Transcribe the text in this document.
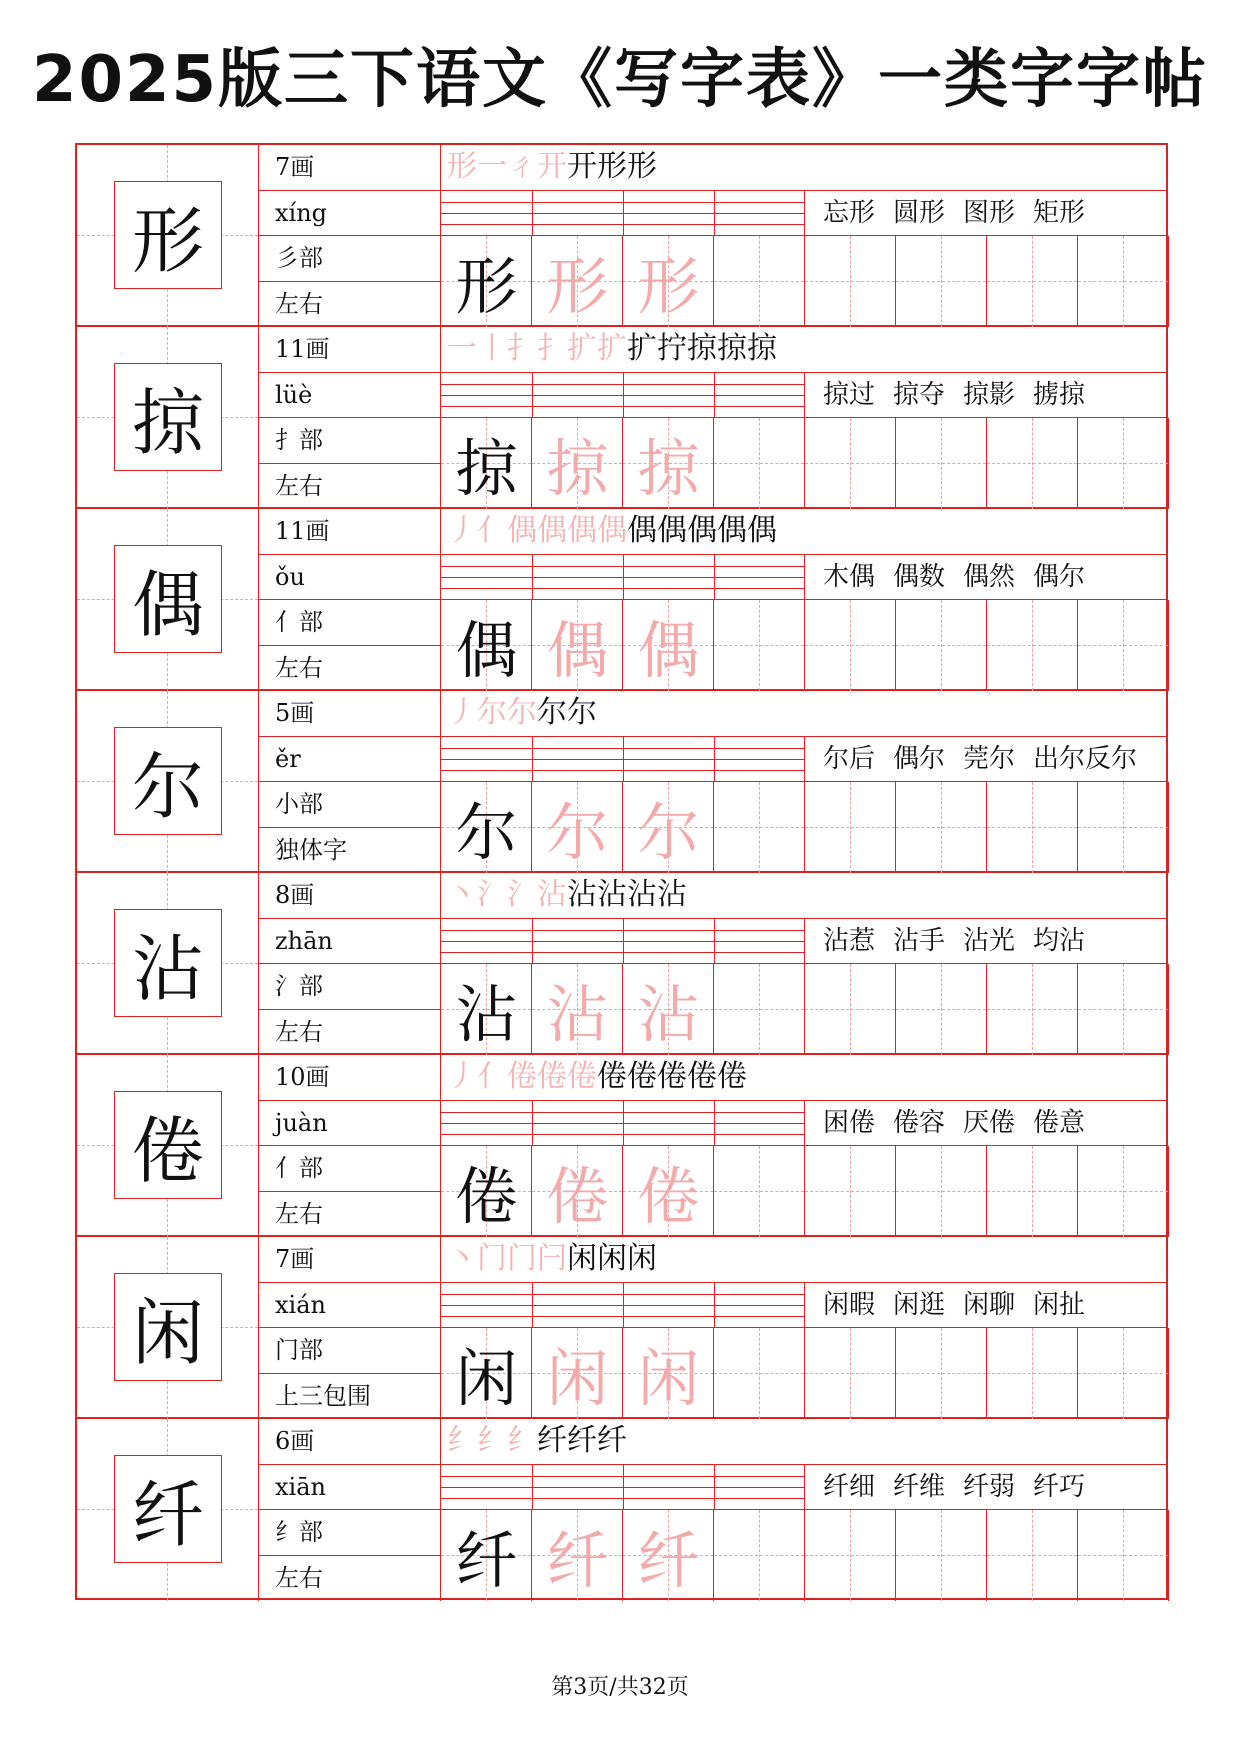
2025版三下语文《写字表》一类字字帖
形
7画
xíng
彡部
左右
形一ㄔ开开形形
忘形 圆形 图形 矩形
形 形 形
掠
11画
lüè
扌部
左右
一丨扌扌扩扩扩拧掠掠掠
掠过 掠夺 掠影 掳掠
掠 掠 掠
偶
11画
ǒu
亻部
左右
丿亻偶偶偶偶偶偶偶偶偶
木偶 偶数 偶然 偶尔
偶 偶 偶
尔
5画
ěr
小部
独体字
丿尔尔尔尔
尔后 偶尔 莞尔 出尔反尔
尔 尔 尔
沾
8画
zhān
氵部
左右
丶氵氵沾沾沾沾沾
沾惹 沾手 沾光 均沾
沾 沾 沾
倦
10画
juàn
亻部
左右
丿亻倦倦倦倦倦倦倦倦
困倦 倦容 厌倦 倦意
倦 倦 倦
闲
7画
xián
门部
上三包围
丶门门闩闲闲闲
闲暇 闲逛 闲聊 闲扯
闲 闲 闲
纤
6画
xiān
纟部
左右
纟纟纟纤纤纤
纤细 纤维 纤弱 纤巧
纤 纤 纤
第3页/共32页
